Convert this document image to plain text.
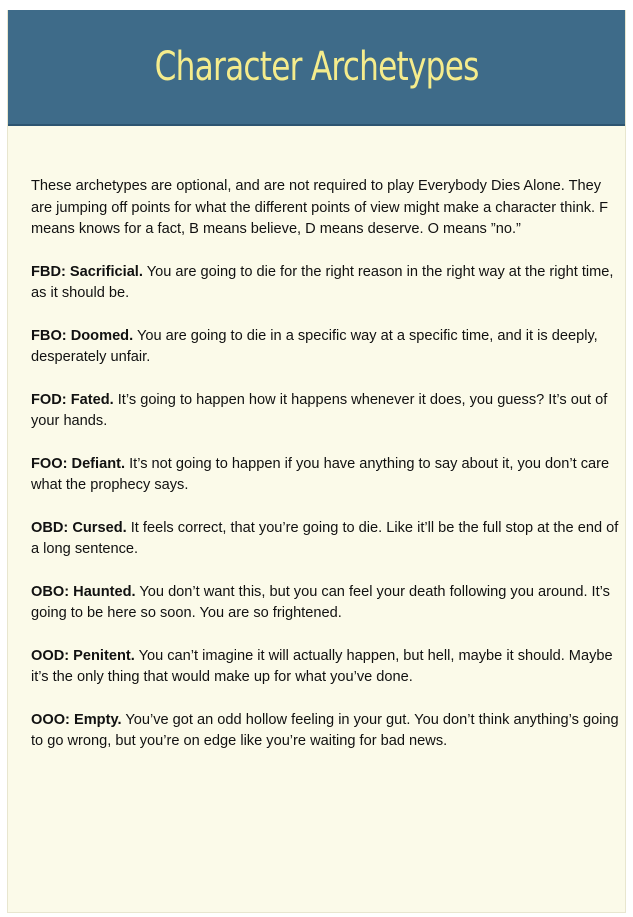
Character Archetypes

These archetypes are optional, and are not required to play Everybody Dies Alone. They are jumping off points for what the different points of view might make a character think. F means knows for a fact, B means believe, D means deserve. O means ”no.”

FBD: Sacrificial. You are going to die for the right reason in the right way at the right time, as it should be.

FBO: Doomed. You are going to die in a specific way at a specific time, and it is deeply, desperately unfair.

FOD: Fated. It’s going to happen how it happens whenever it does, you guess? It’s out of your hands.

FOO: Defiant. It’s not going to happen if you have anything to say about it, you don’t care what the prophecy says.

OBD: Cursed. It feels correct, that you’re going to die. Like it’ll be the full stop at the end of a long sentence.

OBO: Haunted. You don’t want this, but you can feel your death following you around. It’s going to be here so soon. You are so frightened.

OOD: Penitent. You can’t imagine it will actually happen, but hell, maybe it should. Maybe it’s the only thing that would make up for what you’ve done.

OOO: Empty. You’ve got an odd hollow feeling in your gut. You don’t think anything’s going to go wrong, but you’re on edge like you’re waiting for bad news.
